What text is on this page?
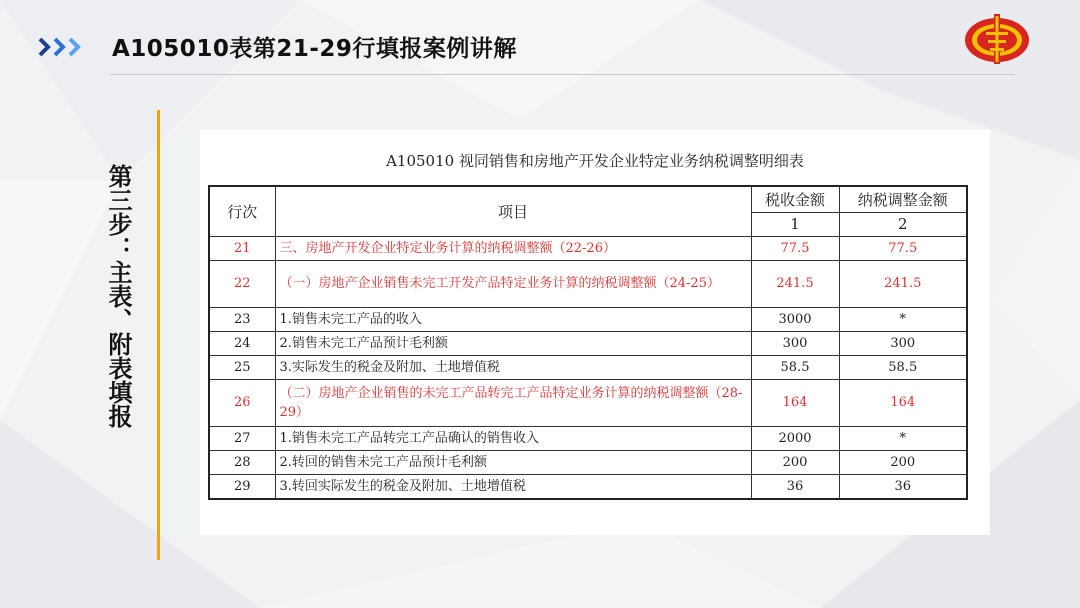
A105010表第21-29行填报案例讲解
第三步：主表、附表填报
A105010 视同销售和房地产开发企业特定业务纳税调整明细表
行次	项目	税收金额	纳税调整金额
		1	2
21	三、房地产开发企业特定业务计算的纳税调整额（22-26）	77.5	77.5
22	（一）房地产企业销售未完工开发产品特定业务计算的纳税调整额（24-25）	241.5	241.5
23	1.销售未完工产品的收入	3000	*
24	2.销售未完工产品预计毛利额	300	300
25	3.实际发生的税金及附加、土地增值税	58.5	58.5
26	（二）房地产企业销售的未完工产品转完工产品特定业务计算的纳税调整额（28-29）	164	164
27	1.销售未完工产品转完工产品确认的销售收入	2000	*
28	2.转回的销售未完工产品预计毛利额	200	200
29	3.转回实际发生的税金及附加、土地增值税	36	36
